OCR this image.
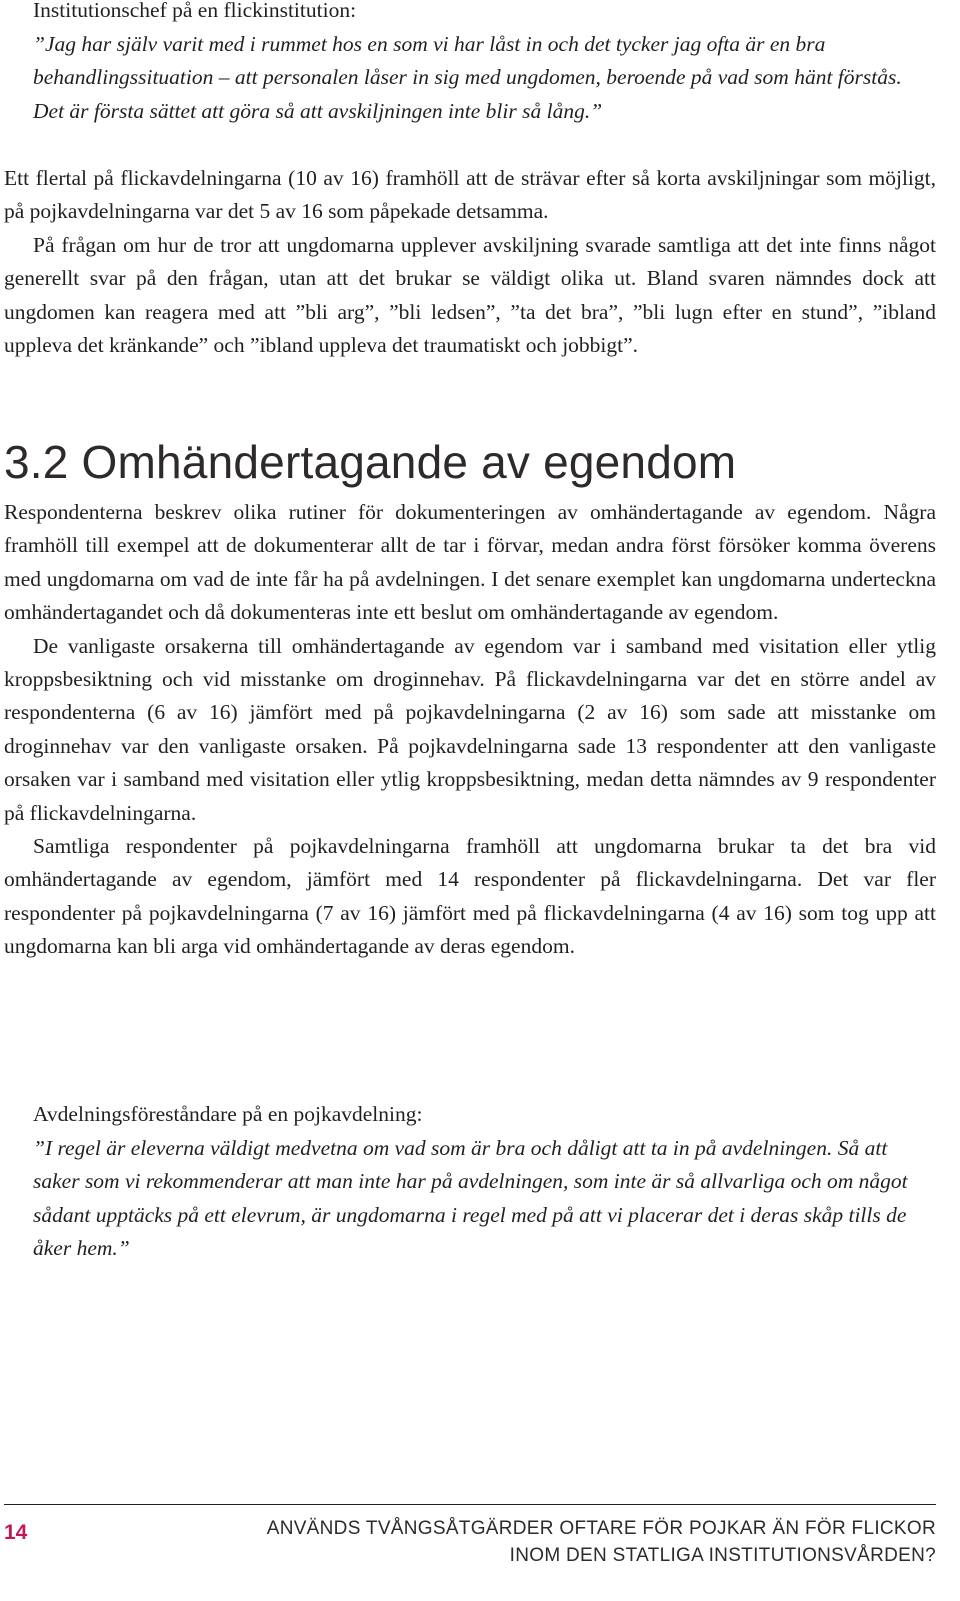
Institutionschef på en flickinstitution:
”Jag har själv varit med i rummet hos en som vi har låst in och det tycker jag ofta är en bra behandlingssituation – att personalen låser in sig med ungdomen, beroende på vad som hänt förstås. Det är första sättet att göra så att avskiljningen inte blir så lång.”

Ett flertal på flickavdelningarna (10 av 16) framhöll att de strävar efter så korta avskiljningar som möjligt, på pojkavdelningarna var det 5 av 16 som påpekade detsamma.

På frågan om hur de tror att ungdomarna upplever avskiljning svarade samtliga att det inte finns något generellt svar på den frågan, utan att det brukar se väldigt olika ut. Bland svaren nämndes dock att ungdomen kan reagera med att ”bli arg”, ”bli ledsen”, ”ta det bra”, ”bli lugn efter en stund”, ”ibland uppleva det kränkande” och ”ibland uppleva det traumatiskt och jobbigt”.

3.2 Omhändertagande av egendom

Respondenterna beskrev olika rutiner för dokumenteringen av omhändertagande av egendom. Några framhöll till exempel att de dokumenterar allt de tar i förvar, medan andra först försöker komma överens med ungdomarna om vad de inte får ha på avdelningen. I det senare exemplet kan ungdomarna underteckna omhändertagandet och då dokumenteras inte ett beslut om omhändertagande av egendom.

De vanligaste orsakerna till omhändertagande av egendom var i samband med visitation eller ytlig kroppsbesiktning och vid misstanke om droginnehav. På flickavdelningarna var det en större andel av respondenterna (6 av 16) jämfört med på pojkavdelningarna (2 av 16) som sade att misstanke om droginnehav var den vanligaste orsaken. På pojkavdelningarna sade 13 respondenter att den vanligaste orsaken var i samband med visitation eller ytlig kroppsbesiktning, medan detta nämndes av 9 respondenter på flickavdelningarna.

Samtliga respondenter på pojkavdelningarna framhöll att ungdomarna brukar ta det bra vid omhändertagande av egendom, jämfört med 14 respondenter på flickavdelningarna. Det var fler respondenter på pojkavdelningarna (7 av 16) jämfört med på flickavdelningarna (4 av 16) som tog upp att ungdomarna kan bli arga vid omhändertagande av deras egendom.

Avdelningsföreståndare på en pojkavdelning:
”I regel är eleverna väldigt medvetna om vad som är bra och dåligt att ta in på avdelningen. Så att saker som vi rekommenderar att man inte har på avdelningen, som inte är så allvarliga och om något sådant upptäcks på ett elevrum, är ungdomarna i regel med på att vi placerar det i deras skåp tills de åker hem.”
14	ANVÄNDS TVÅNGSÅTGÄRDER OFTARE FÖR POJKAR ÄN FÖR FLICKOR
INOM DEN STATLIGA INSTITUTIONSVÅRDEN?
